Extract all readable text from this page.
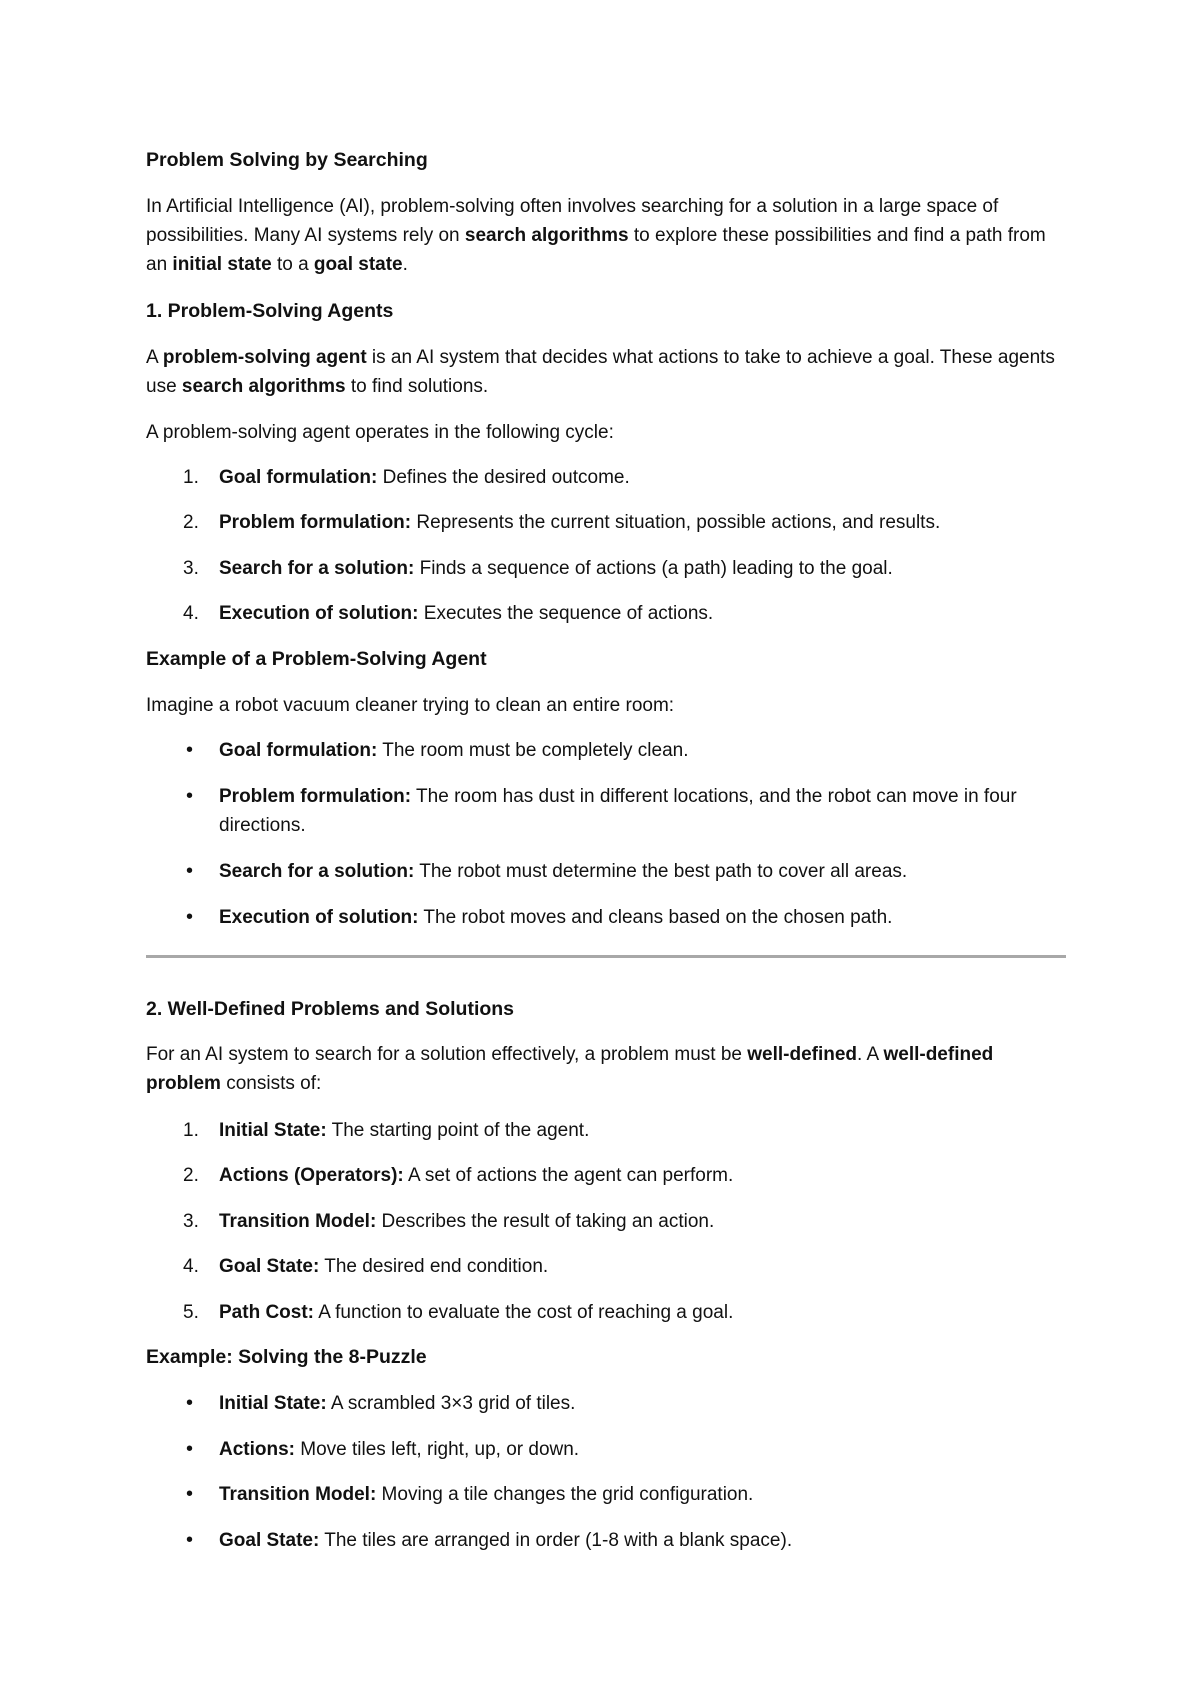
Problem Solving by Searching

In Artificial Intelligence (AI), problem-solving often involves searching for a solution in a large space of possibilities. Many AI systems rely on search algorithms to explore these possibilities and find a path from an initial state to a goal state.

1. Problem-Solving Agents

A problem-solving agent is an AI system that decides what actions to take to achieve a goal. These agents use search algorithms to find solutions.

A problem-solving agent operates in the following cycle:

1.	Goal formulation: Defines the desired outcome.
2.	Problem formulation: Represents the current situation, possible actions, and results.
3.	Search for a solution: Finds a sequence of actions (a path) leading to the goal.
4.	Execution of solution: Executes the sequence of actions.

Example of a Problem-Solving Agent

Imagine a robot vacuum cleaner trying to clean an entire room:

•	Goal formulation: The room must be completely clean.
•	Problem formulation: The room has dust in different locations, and the robot can move in four directions.
•	Search for a solution: The robot must determine the best path to cover all areas.
•	Execution of solution: The robot moves and cleans based on the chosen path.

2. Well-Defined Problems and Solutions

For an AI system to search for a solution effectively, a problem must be well-defined. A well-defined problem consists of:

1.	Initial State: The starting point of the agent.
2.	Actions (Operators): A set of actions the agent can perform.
3.	Transition Model: Describes the result of taking an action.
4.	Goal State: The desired end condition.
5.	Path Cost: A function to evaluate the cost of reaching a goal.

Example: Solving the 8-Puzzle

•	Initial State: A scrambled 3×3 grid of tiles.
•	Actions: Move tiles left, right, up, or down.
•	Transition Model: Moving a tile changes the grid configuration.
•	Goal State: The tiles are arranged in order (1-8 with a blank space).
